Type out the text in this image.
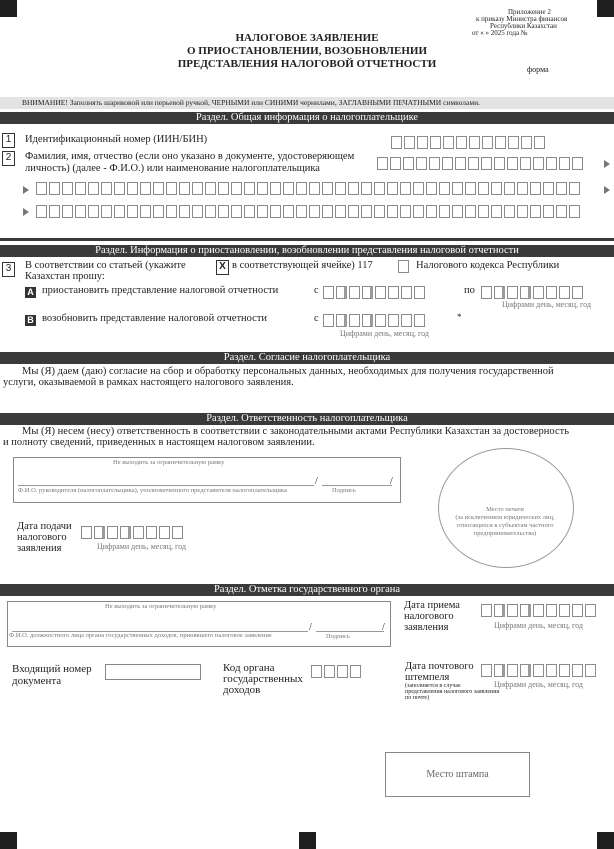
Приложение 2
к приказу Министра финансов
Республики Казахстан
от « » 2025 года №
НАЛОГОВОЕ ЗАЯВЛЕНИЕ
О ПРИОСТАНОВЛЕНИИ, ВОЗОБНОВЛЕНИИ
ПРЕДСТАВЛЕНИЯ НАЛОГОВОЙ ОТЧЕТНОСТИ	форма
ВНИМАНИЕ! Заполнять шариковой или перьевой ручкой, ЧЕРНЫМИ или СИНИМИ чернилами, ЗАГЛАВНЫМИ ПЕЧАТНЫМИ символами.
Раздел. Общая информация о налогоплательщике
1	Идентификационный номер (ИИН/БИН)
2	Фамилия, имя, отчество (если оно указано в документе, удостоверяющем
личность) (далее - Ф.И.О.) или наименование налогоплательщика
Раздел. Информация о приостановлении, возобновлении представления налоговой отчетности
3	В соответствии со статьей (укажите	X в соответствующей ячейке) 117	Налогового кодекса Республики
Казахстан прошу:
A приостановить представление налоговой отчетности	с	по
Цифрами день, месяц, год
B возобновить представление налоговой отчетности	с	*
Цифрами день, месяц, год
Раздел. Согласие налогоплательщика
Мы (Я) даем (даю) согласие на сбор и обработку персональных данных, необходимых для получения государственной
услуги, оказываемой в рамках настоящего налогового заявления.
Раздел. Ответственность налогоплательщика
Мы (Я) несем (несу) ответственность в соответствии с законодательными актами Республики Казахстан за достоверность
и полноту сведений, приведенных в настоящем налоговом заявлении.
Не выходить за ограничительную рамку
/	/
Ф.И.О. руководителя (налогоплательщика), уполномоченного представителя налогоплательщика	Подпись
Место печати
(за исключением юридических лиц,
относящихся к субъектам частного
предпринимательства)
Дата подачи
налогового
заявления	Цифрами день, месяц, год
Раздел. Отметка государственного органа
Не выходить за ограничительную рамку
/	/
Ф.И.О. должностного лица органа государственных доходов, принявшего налоговое заявление	Подпись
Дата приема
налогового
заявления	Цифрами день, месяц, год
Входящий номер
документа
Код органа
государственных
доходов
Дата почтового
штемпеля
(заполняется в случае
представления налогового заявления
по почте)
Цифрами день, месяц, год
Место штампа
